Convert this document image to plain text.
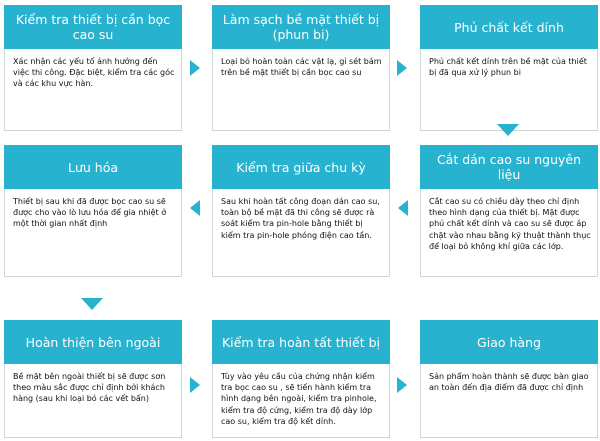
Kiểm tra thiết bị cần bọc cao su
Xác nhận các yếu tố ảnh hưởng đến việc thi công. Đặc biệt, kiểm tra các góc và các khu vực hàn.
Làm sạch bề mặt thiết bị (phun bi)
Loại bỏ hoàn toàn các vật lạ, gỉ sét bám trên bề mặt thiết bị cần bọc cao su
Phủ chất kết dính
Phủ chất kết dính trên bề mặt của thiết bị đã qua xử lý phun bi
Lưu hóa
Thiết bị sau khi đã được bọc cao su sẽ được cho vào lò lưu hóa để gia nhiệt ở một thời gian nhất định
Kiểm tra giữa chu kỳ
Sau khi hoàn tất công đoạn dán cao su, toàn bộ bề mặt đã thi công sẽ được rà soát kiểm tra pin-hole bằng thiết bị kiểm tra pin-hole phóng điện cao tần.
Cắt dán cao su nguyên liệu
Cắt cao su có chiều dày theo chỉ định theo hình dạng của thiết bị. Mặt được phủ chất kết dính và cao su sẽ được áp chặt vào nhau bằng kỹ thuật thành thục để loại bỏ không khí giữa các lớp.
Hoàn thiện bên ngoài
Bề mặt bên ngoài thiết bị sẽ được sơn theo màu sắc được chỉ định bởi khách hàng (sau khi loại bỏ các vết bẩn)
Kiểm tra hoàn tất thiết bị
Tùy vào yêu cầu của chứng nhận kiểm tra bọc cao su , sẽ tiến hành kiểm tra hình dạng bên ngoài, kiểm tra pinhole, kiểm tra độ cứng, kiểm tra độ dày lớp cao su, kiểm tra độ kết dính.
Giao hàng
Sản phẩm hoàn thành sẽ được bàn giao an toàn đến địa điểm đã được chỉ định
